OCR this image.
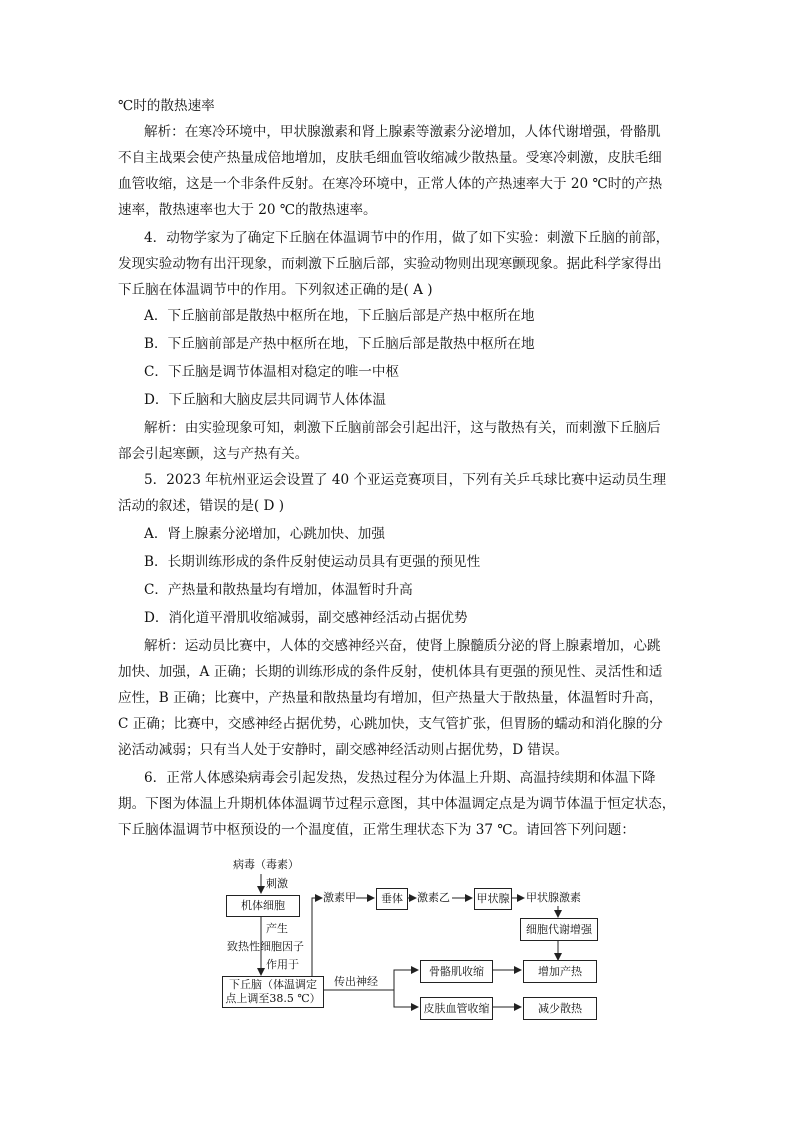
℃时的散热速率
解析：在寒冷环境中，甲状腺激素和肾上腺素等激素分泌增加，人体代谢增强，骨骼肌
不自主战栗会使产热量成倍地增加，皮肤毛细血管收缩减少散热量。受寒冷刺激，皮肤毛细
血管收缩，这是一个非条件反射。在寒冷环境中，正常人体的产热速率大于 20 ℃时的产热
速率，散热速率也大于 20 ℃的散热速率。
4．动物学家为了确定下丘脑在体温调节中的作用，做了如下实验：刺激下丘脑的前部，
发现实验动物有出汗现象，而刺激下丘脑后部，实验动物则出现寒颤现象。据此科学家得出
下丘脑在体温调节中的作用。下列叙述正确的是( A )
A．下丘脑前部是散热中枢所在地，下丘脑后部是产热中枢所在地
B．下丘脑前部是产热中枢所在地，下丘脑后部是散热中枢所在地
C．下丘脑是调节体温相对稳定的唯一中枢
D．下丘脑和大脑皮层共同调节人体体温
解析：由实验现象可知，刺激下丘脑前部会引起出汗，这与散热有关，而刺激下丘脑后
部会引起寒颤，这与产热有关。
5．2023 年杭州亚运会设置了 40 个亚运竞赛项目，下列有关乒乓球比赛中运动员生理
活动的叙述，错误的是( D )
A．肾上腺素分泌增加，心跳加快、加强
B．长期训练形成的条件反射使运动员具有更强的预见性
C．产热量和散热量均有增加，体温暂时升高
D．消化道平滑肌收缩减弱，副交感神经活动占据优势
解析：运动员比赛中，人体的交感神经兴奋，使肾上腺髓质分泌的肾上腺素增加，心跳
加快、加强，A 正确；长期的训练形成的条件反射，使机体具有更强的预见性、灵活性和适
应性，B 正确；比赛中，产热量和散热量均有增加，但产热量大于散热量，体温暂时升高，
C 正确；比赛中，交感神经占据优势，心跳加快，支气管扩张，但胃肠的蠕动和消化腺的分
泌活动减弱；只有当人处于安静时，副交感神经活动则占据优势，D 错误。
6．正常人体感染病毒会引起发热，发热过程分为体温上升期、高温持续期和体温下降
期。下图为体温上升期机体体温调节过程示意图，其中体温调定点是为调节体温于恒定状态，
下丘脑体温调节中枢预设的一个温度值，正常生理状态下为 37 ℃。请回答下列问题：
病毒（毒素）
刺激
机体细胞
产生
致热性细胞因子
作用于
下丘脑（体温调定
点上调至38.5 ℃）
激素甲	垂体	激素乙 甲状腺 甲状腺激素
细胞代谢增强
传出神经
骨骼肌收缩
皮肤血管收缩
增加产热
减少散热
